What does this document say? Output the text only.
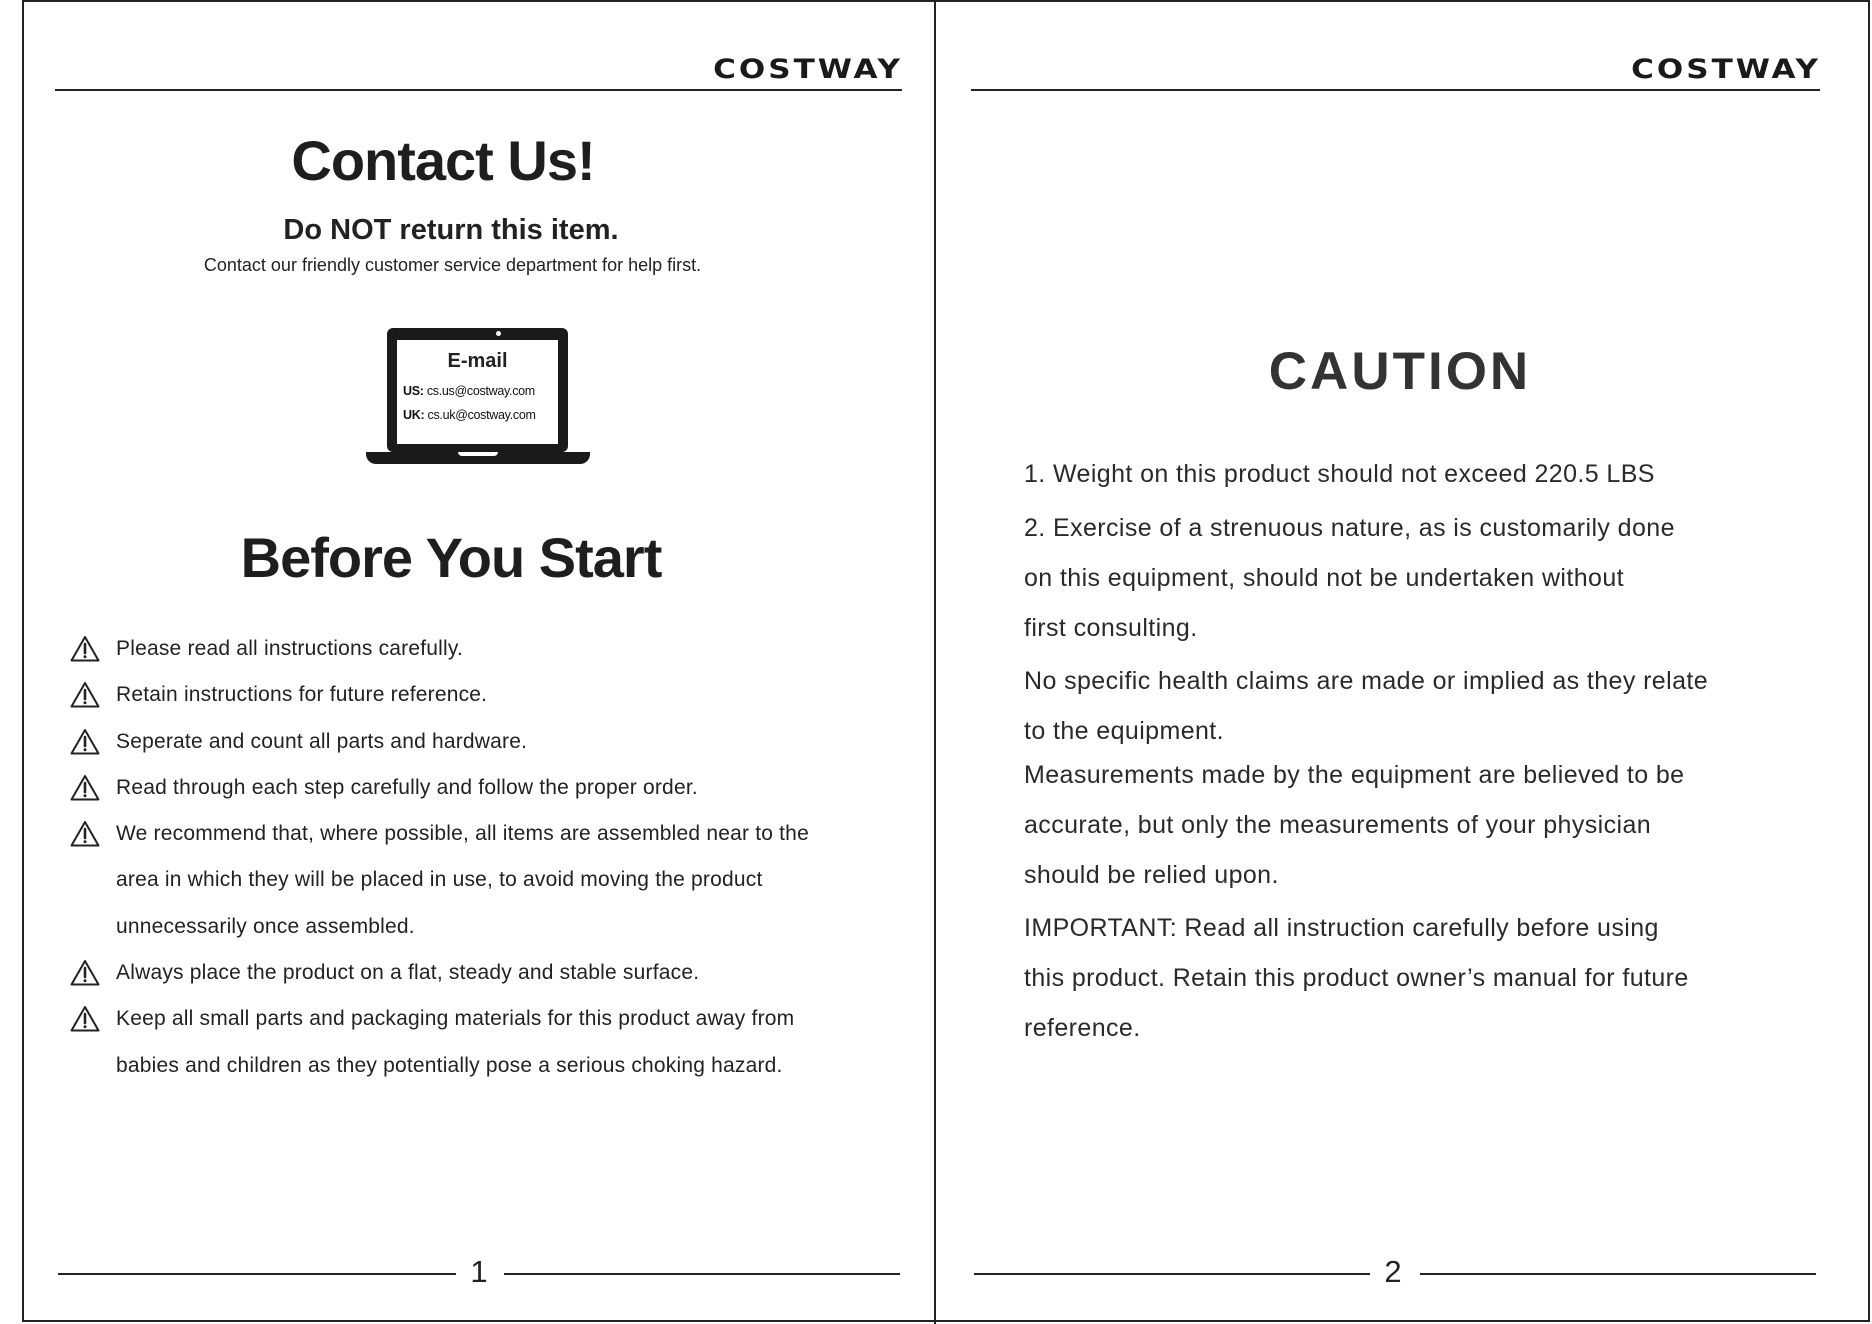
COSTWAY
Contact Us!
Do NOT return this item.
Contact our friendly customer service department for help first.
E-mail
US: cs.us@costway.com
UK: cs.uk@costway.com
Before You Start
Please read all instructions carefully.
Retain instructions for future reference.
Seperate and count all parts and hardware.
Read through each step carefully and follow the proper order.
We recommend that, where possible, all items are assembled near to the
area in which they will be placed in use, to avoid moving the product
unnecessarily once assembled.
Always place the product on a flat, steady and stable surface.
Keep all small parts and packaging materials for this product away from
babies and children as they potentially pose a serious choking hazard.
1
COSTWAY
CAUTION
1. Weight on this product should not exceed 220.5 LBS
2. Exercise of a strenuous nature, as is customarily done
on this equipment, should not be undertaken without
first consulting.
No specific health claims are made or implied as they relate
to the equipment.
Measurements made by the equipment are believed to be
accurate, but only the measurements of your physician
should be relied upon.
IMPORTANT: Read all instruction carefully before using
this product. Retain this product owner’s manual for future
reference.
2
